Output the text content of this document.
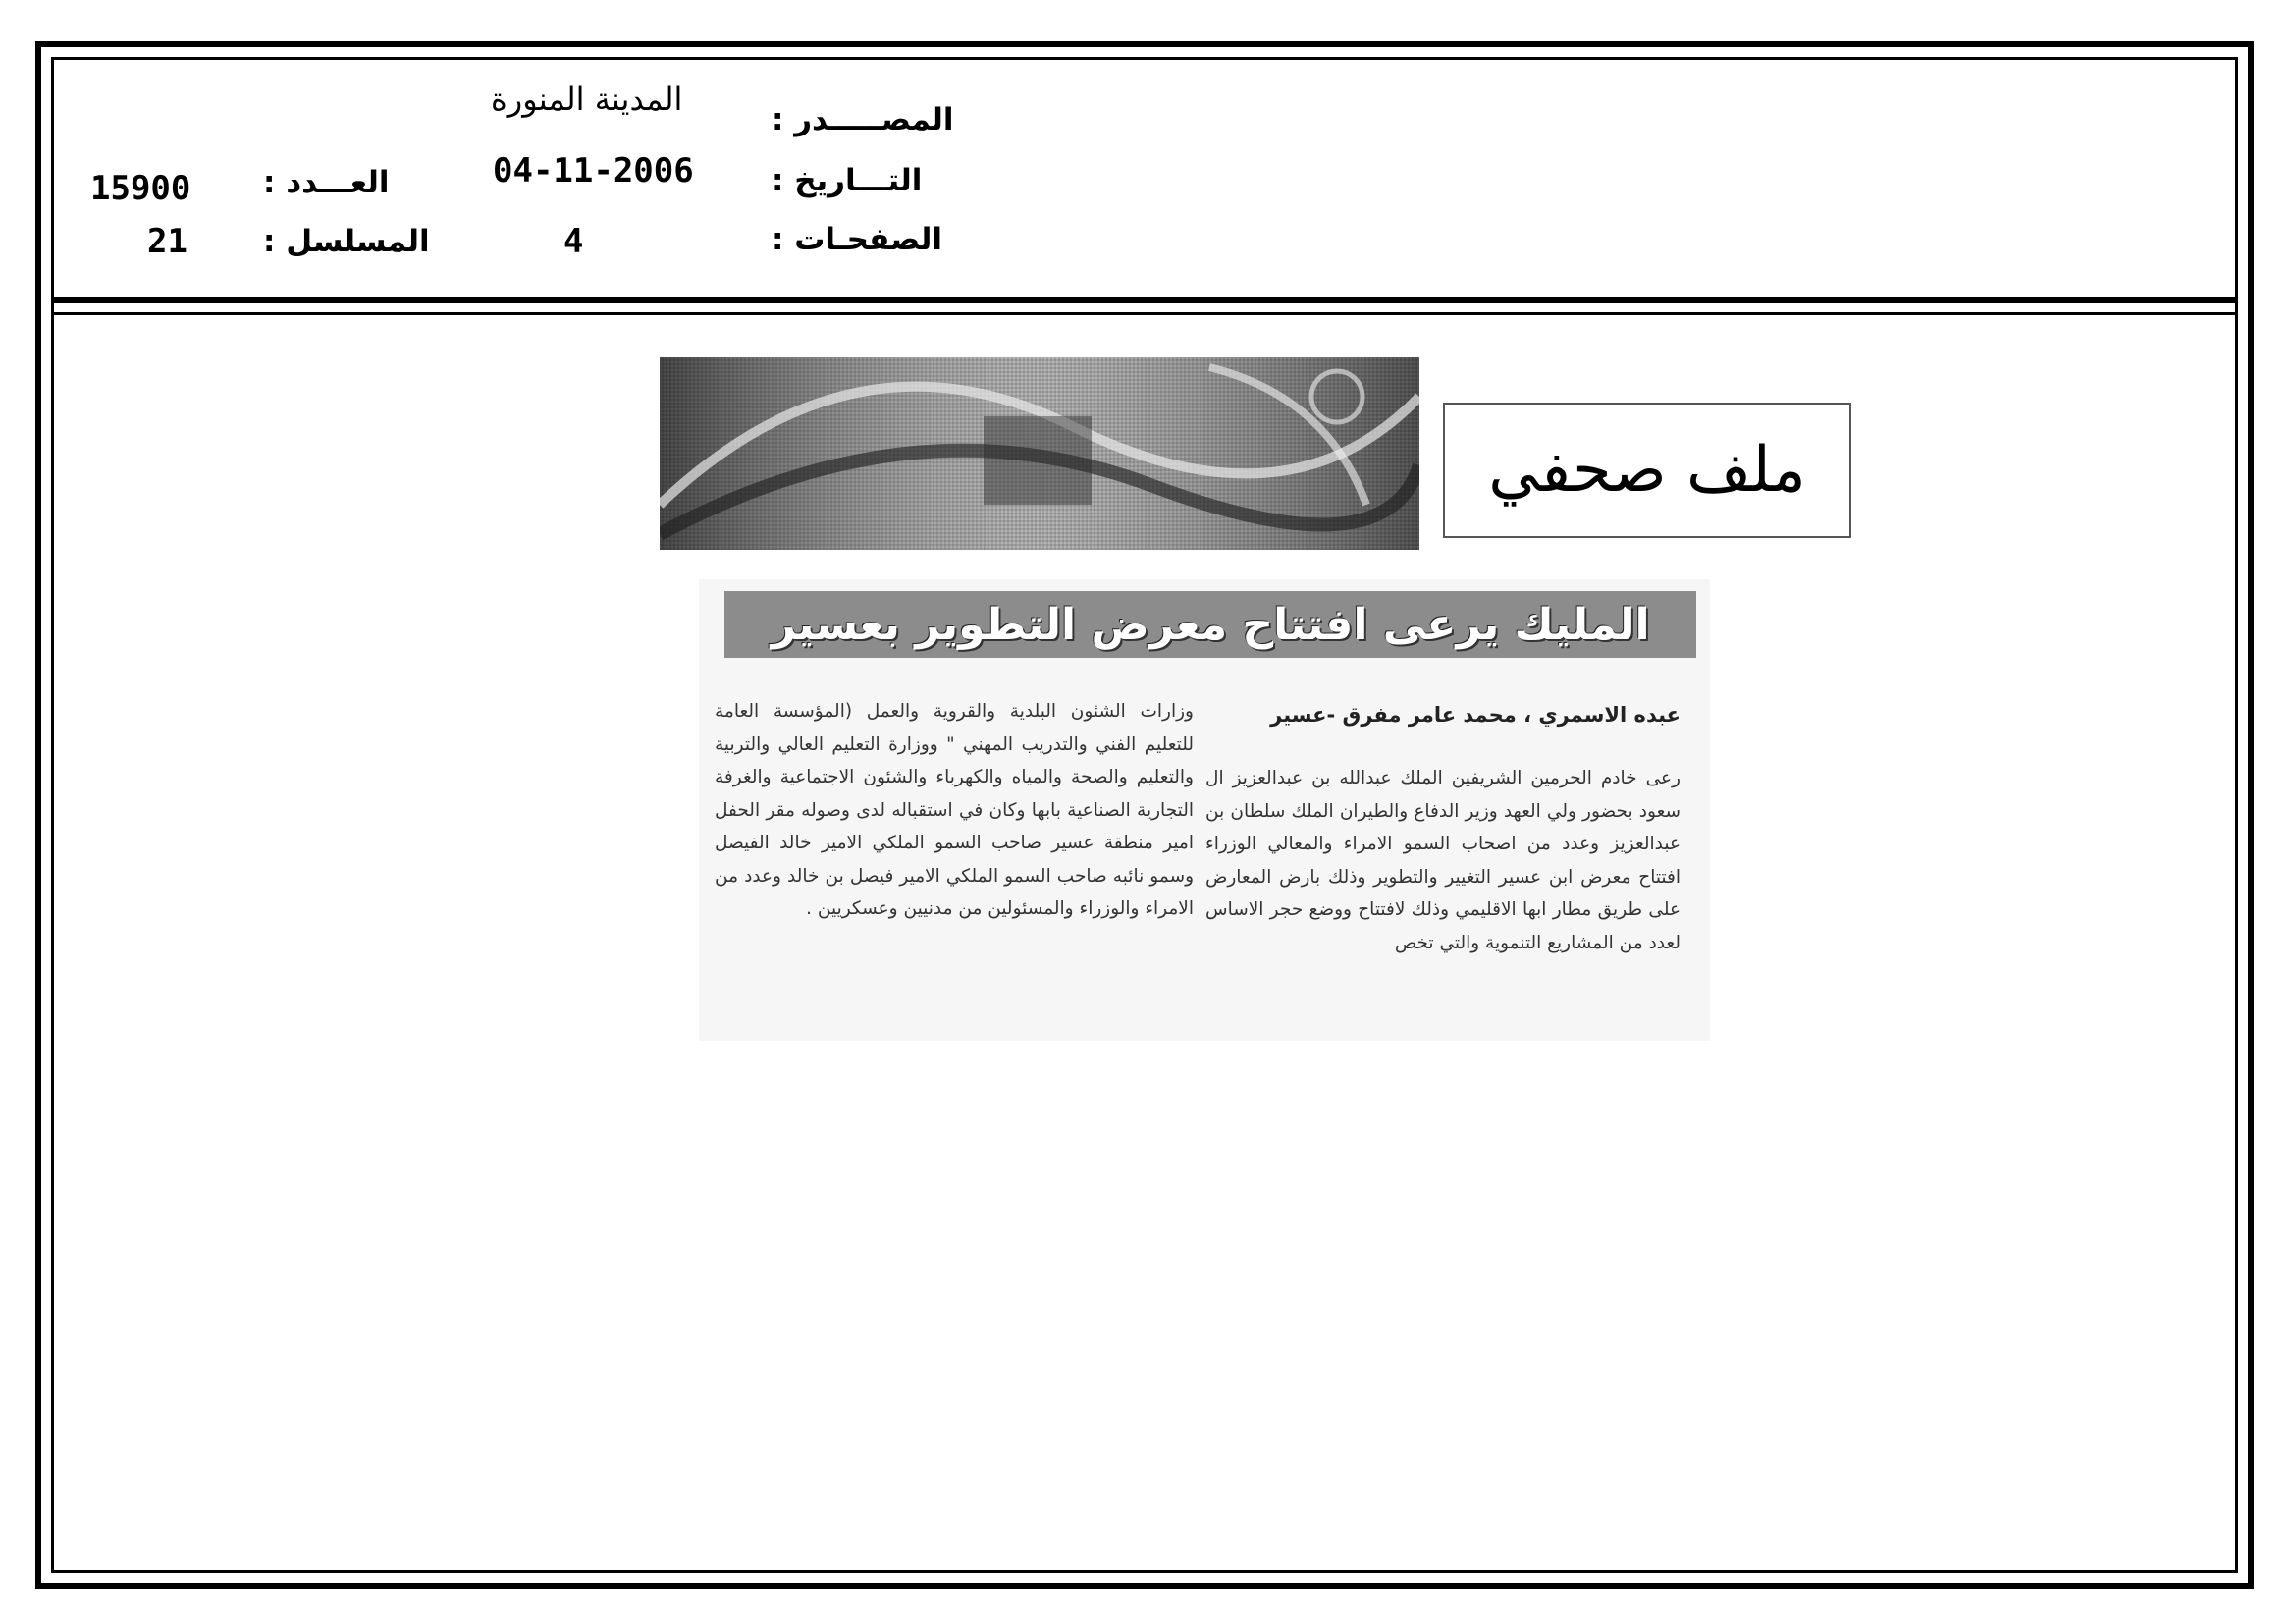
المصـــــدر :
المدينة المنورة
التـــاريخ :
04-11-2006
الصفحـات :
4
العـــدد :
15900
المسلسل :
21
ملف صحفي
المليك يرعى افتتاح معرض التطوير بعسير
عبده الاسمري ، محمد عامر مفرق -عسير
رعى خادم الحرمين الشريفين الملك عبدالله بن عبدالعزيز ال سعود بحضور ولي العهد وزير الدفاع والطيران الملك سلطان بن عبدالعزيز وعدد من اصحاب السمو الامراء والمعالي الوزراء افتتاح معرض ابن عسير التغيير والتطوير وذلك بارض المعارض على طريق مطار ابها الاقليمي وذلك لافتتاح ووضع حجر الاساس لعدد من المشاريع التنموية والتي تخص
وزارات الشئون البلدية والقروية والعمل (المؤسسة العامة للتعليم الفني والتدريب المهني " ووزارة التعليم العالي والتربية والتعليم والصحة والمياه والكهرباء والشئون الاجتماعية والغرفة التجارية الصناعية بابها وكان في استقباله لدى وصوله مقر الحفل امير منطقة عسير صاحب السمو الملكي الامير خالد الفيصل وسمو نائبه صاحب السمو الملكي الامير فيصل بن خالد وعدد من الامراء والوزراء والمسئولين من مدنيين وعسكريين .
